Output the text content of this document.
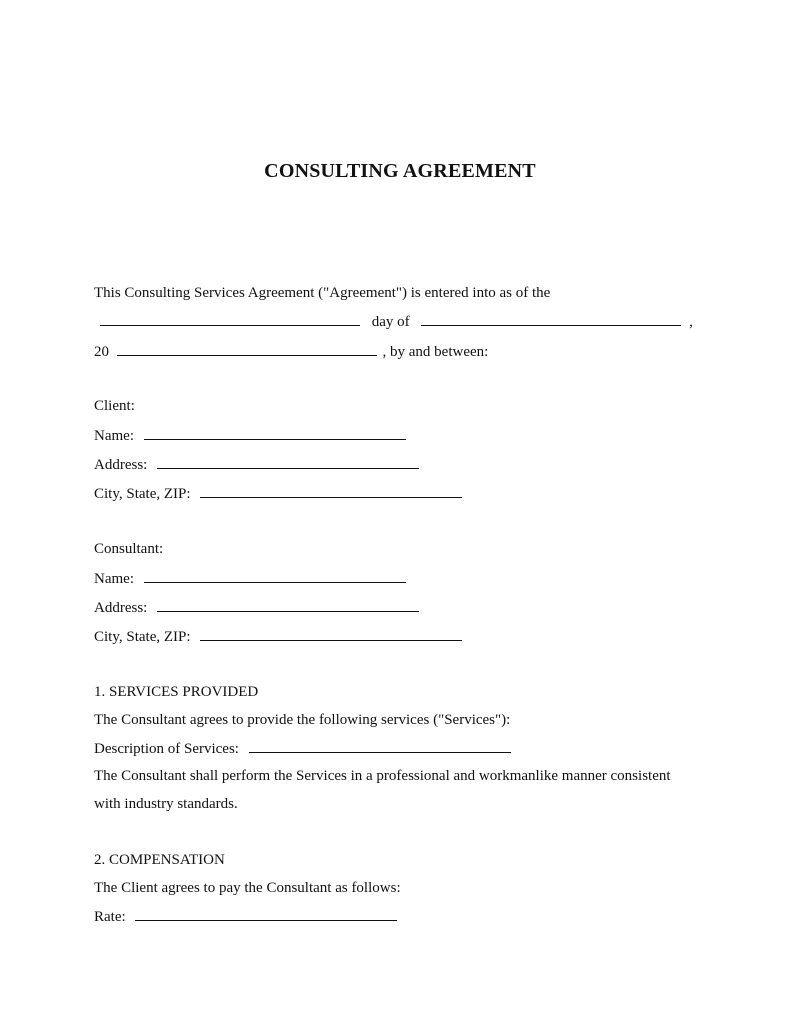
CONSULTING AGREEMENT
This Consulting Services Agreement ("Agreement") is entered into as of the
day of	,
20	, by and between:
Client:
Name:
Address:
City, State, ZIP:
Consultant:
Name:
Address:
City, State, ZIP:
1. SERVICES PROVIDED
The Consultant agrees to provide the following services ("Services"):
Description of Services:
The Consultant shall perform the Services in a professional and workmanlike manner consistent
with industry standards.
2. COMPENSATION
The Client agrees to pay the Consultant as follows:
Rate:
